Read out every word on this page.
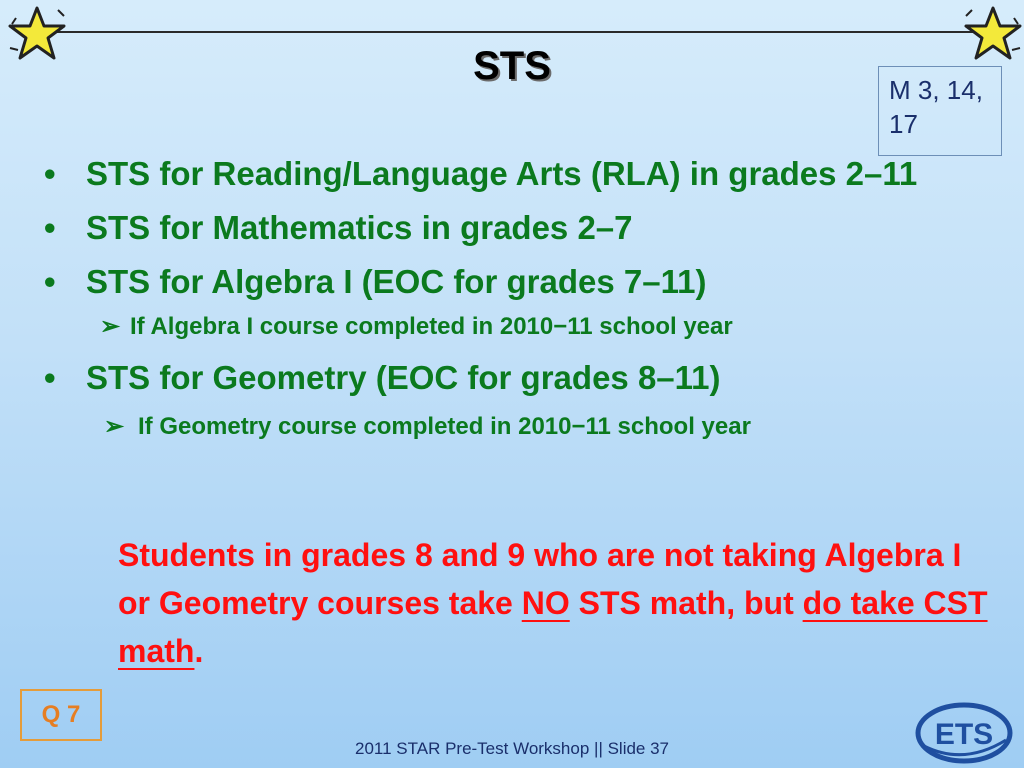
STS
M 3, 14, 17
• STS for Reading/Language Arts (RLA) in grades 2–11
• STS for Mathematics in grades 2–7
• STS for Algebra I (EOC for grades 7–11)
➢ If Algebra I course completed in 2010−11 school year
• STS for Geometry (EOC for grades 8–11)
➢ If Geometry course completed in 2010−11 school year
Students in grades 8 and 9 who are not taking Algebra I or Geometry courses take NO STS math, but do take CST math.
Q 7
2011 STAR Pre-Test Workshop || Slide 37	ETS
